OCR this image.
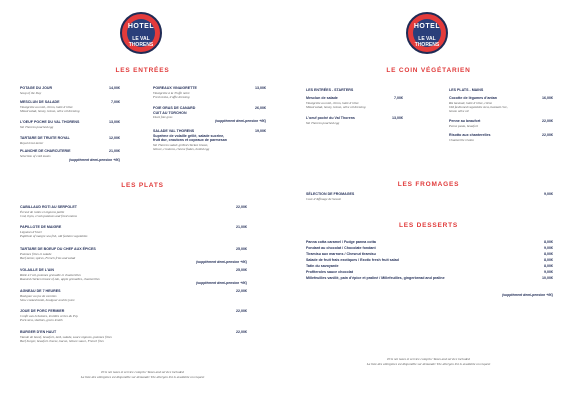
HOTEL
LE VAL THORENS
LES ENTRÉES
POTAGE DU JOUR
Soup of the Day
14,00€
MESCLUN DE SALADE
Vinaigrette au miel, citron, huile d’olive
Mixed salad, honey, lemon, olive oil dressing
7,00€
L’OEUF POCHE DU VAL THORENS
Val Thorens poached egg
13,00€
TARTARE DE TRUITE ROYAL
Royal trout tartar
12,00€
PLANCHE DE CHARCUTERIE
Selection of cold meats
21,00€
(supplément demi-pension +6€)
POIREAUX VINAIGRETTE
Vinaigrette à la Truffe noire
Fresh leeks, truffle dressing
13,00€
FOIE GRAS DE CANARD
CUIT AU TORCHON
Duck foie gras
26,00€
(supplément demi-pension +6€)
SALADE VAL THORENS
Suprême de volaille grillé, salade sucrine,
fruit dur, croutons et copeaux de parmesan
Val Thorens salad: grilled chicken breast,
lettuce, croutons, cheese flakes, boiled egg
19,00€
LES PLATS
CABILLAUD ROTI AU SERPOLET
Écrasé de rattes et oignons paille
Cod, thym, crush potatoes and fried onions
22,00€
PAPILLOTE DE MAIGRE
Légumes d’hiver
Papillote of maigre sea fish, old fashion vegetables
21,00€
TARTARE DE BOEUF DU CHEF AUX ÉPICES
Pommes frites et salade
Beef tartar, spices, French fries and salad
25,00€
(supplément demi-pension +6€)
VOLAILLE DE L’AIN
Rôtie à l’ail, pommes grenaille et chanterelles
Roasted chicken breast of Ain, apple grenailles, chanterelles
25,00€
(supplément demi-pension +6€)
AGNEAU DE 7 HEURES
Boulgour au jus de carottes
Slow cooked lamb, boulgour and its juice
22,00€
JOUE DE PORC FERMIER
Confit aux échalotes, lentilles vertes du Puy
Pork stew, shallots, green lentils
22,00€
BURGER D’EN HAUT
Viande de boeuf, beaufort, lard, salade, sauce oignons, pommes frites
Beef burger, beaufort cheese, bacon, lettuce sauce, French fries
22,00€
Prix net taxes et service compris/ Taxes and service included
La liste des allergènes est disponible sur demande/ The allergen list is available on request
HOTEL
LE VAL THORENS
LE COIN VÉGÉTARIEN
LES ENTRÉES - STARTERS	LES PLATS - MAINS
Mesclun de salade
Vinaigrette au miel, citron, huile d’olive
Mixed salad, honey, lemon, olive oil dressing
7,00€
L’oeuf poché du Val Thorens
Val Thorens poached egg
13,00€
Cocotte de légumes d’antan
Riz basmati, huile d’olive, citron
Old fashioned vegetables stew, basmati rice,
lemon olive oil
16,00€
Penne au beaufort
Penne pasta, beaufort
22,00€
Risotto aux chanterelles
Chanterelle risotto
22,00€
LES FROMAGES
SÉLECTION DE FROMAGES
Cave d’Affinage de Savoie
9,00€
LES DESSERTS
Panna cotta caramel / Fudge panna cotta	8,00€
Fondant au chocolat / Chocolate fondant	9,00€
Tiramisu aux marrons / Chesnut tiramisu	8,00€
Salade de fruit frais exotiques / Exotic fresh fruit salad	8,00€
Tatin du savoyarde	8,00€
Profiteroles sauce chocolat	9,00€
Millefeuilles vanillé, pain d’épice et praliné / Millefeuilles, gingerbread and praline	10,00€
(supplément demi-pension +6€)
Prix net taxes et service compris/ Taxes and service included
La liste des allergènes est disponible sur demande/ The allergen list is available on request
